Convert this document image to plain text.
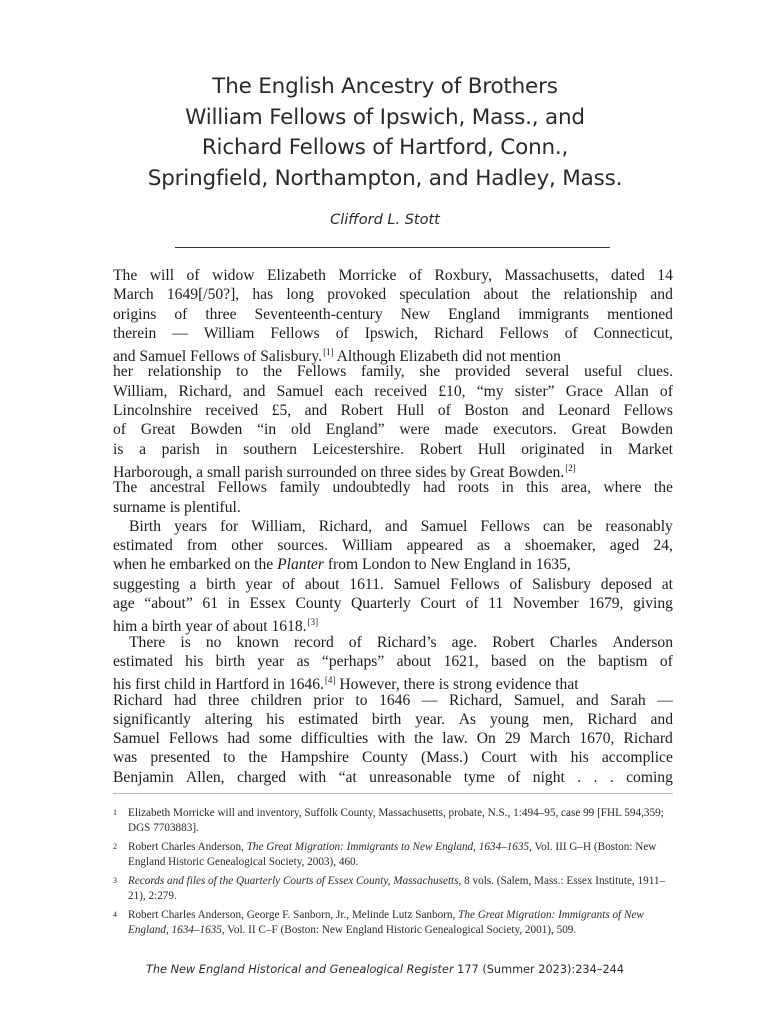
The English Ancestry of Brothers
William Fellows of Ipswich, Mass., and
Richard Fellows of Hartford, Conn.,
Springfield, Northampton, and Hadley, Mass.
Clifford L. Stott
The will of widow Elizabeth Morricke of Roxbury, Massachusetts, dated 14
March 1649[/50?], has long provoked speculation about the relationship and
origins of three Seventeenth-century New England immigrants mentioned
therein — William Fellows of Ipswich, Richard Fellows of Connecticut,
and Samuel Fellows of Salisbury.[1] Although Elizabeth did not mention
her relationship to the Fellows family, she provided several useful clues.
William, Richard, and Samuel each received £10, “my sister” Grace Allan of
Lincolnshire received £5, and Robert Hull of Boston and Leonard Fellows
of Great Bowden “in old England” were made executors. Great Bowden
is a parish in southern Leicestershire. Robert Hull originated in Market
Harborough, a small parish surrounded on three sides by Great Bowden.[2]
The ancestral Fellows family undoubtedly had roots in this area, where the
surname is plentiful.
Birth years for William, Richard, and Samuel Fellows can be reasonably
estimated from other sources. William appeared as a shoemaker, aged 24,
when he embarked on the Planter from London to New England in 1635,
suggesting a birth year of about 1611. Samuel Fellows of Salisbury deposed at
age “about” 61 in Essex County Quarterly Court of 11 November 1679, giving
him a birth year of about 1618.[3]
There is no known record of Richard’s age. Robert Charles Anderson
estimated his birth year as “perhaps” about 1621, based on the baptism of
his first child in Hartford in 1646.[4] However, there is strong evidence that
Richard had three children prior to 1646 — Richard, Samuel, and Sarah —
significantly altering his estimated birth year. As young men, Richard and
Samuel Fellows had some difficulties with the law. On 29 March 1670, Richard
was presented to the Hampshire County (Mass.) Court with his accomplice
Benjamin Allen, charged with “at unreasonable tyme of night . . . coming
1 Elizabeth Morricke will and inventory, Suffolk County, Massachusetts, probate, N.S., 1:494–95, case 99 [FHL 594,359; DGS 7703883].
2 Robert Charles Anderson, The Great Migration: Immigrants to New England, 1634–1635, Vol. III G–H (Boston: New England Historic Genealogical Society, 2003), 460.
3 Records and files of the Quarterly Courts of Essex County, Massachusetts, 8 vols. (Salem, Mass.: Essex Institute, 1911–21), 2:279.
4 Robert Charles Anderson, George F. Sanborn, Jr., Melinde Lutz Sanborn, The Great Migration: Immigrants of New England, 1634–1635, Vol. II C–F (Boston: New England Historic Genealogical Society, 2001), 509.
The New England Historical and Genealogical Register 177 (Summer 2023):234–244
